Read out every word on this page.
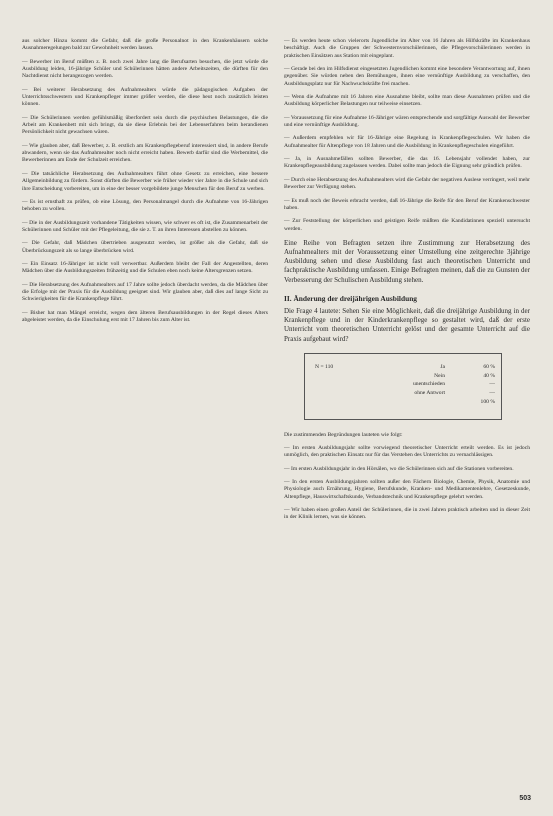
aus solcher Hinzu kommt die Gefahr, daß die große Personalnot in den Krankenhäusern solche Ausnahmeregelungen bald zur Gewohnheit werden lassen.

— Bewerber im Beruf müßten z. B. noch zwei Jahre lang die Berufsarten besuchen, die jetzt würde die Ausbildung leiden, 16-jährige Schüler und Schülerinnen hätten andere Arbeitszeiten, die dürften für den Nachtdienst nicht herangezogen werden.

— Bei weiterer Herabsetzung des Aufnahmealters würde die pädagogischen Aufgaben der Unterrichtsschwestern und Krankenpfleger immer größer werden, die diese heut noch zusätzlich leisten können.

— Die Schülerinnen werden gefühlsmäßig überfordert sein durch die psychischen Belastungen, die die Arbeit am Krankenbett mit sich bringt, da sie diese Erlebnis bei der Lebenserfahren beim herandienen Persönlichkeit nicht gewachsen wären.

— Wie glauben aber, daß Bewerber, z. B. erstlich am Krankenpflegeberuf interessiert sind, in andere Berufe abwandern, wenn sie das Aufnahmealter noch nicht erreicht haben. Bewerb darfür sind die Werbemittel, die Bewerberinnen am Ende der Schulzeit erreichen.

— Die tatsächliche Herabsetzung des Aufnahmealters führt ohne Gesetz zu erreichen, eine bessere Allgemeinbildung zu fördern. Sonst dürften die Bewerber wie früher wieder vier Jahre in die Schule und sich ihre Entscheidung vorbereiten, um in eine der besser vorgebildete junge Menschen für den Beruf zu werben.

— Es ist ernsthaft zu prüfen, ob eine Lösung, den Personalmangel durch die Aufnahme von 16-Jährigen behoben zu wollen.

— Die in der Ausbildungszeit vorhandene Tätigkeiten wissen, wie schwer es oft ist, die Zusammenarbeit der Schülerinnen und Schüler mit der Pflegeleitung, die sie z. T. an ihren Interessen abstellen zu können.

— Die Gefahr, daß Mädchen übertrieben ausgenutzt werden, ist größer als die Gefahr, daß sie Überbrückungszeit als so lange überbrücken wird.

— Ein Einsatz 16-Jähriger ist nicht voll verwertbar. Außerdem bleibt der Fall der Angestellten, deren Mädchen über die Ausbildungszeiten frühzeitig und die Schulen eben noch keine Altersgrenzen setzen.

— Die Herabsetzung des Aufnahmealters auf 17 Jahre sollte jedoch überdacht werden, da die Mädchen über die Erfolge mit der Praxis für die Ausbildung geeignet sind. Wir glauben aber, daß dies auf lange Sicht zu Schwierigkeiten für die Krankenpflege führt.

— Bisher hat man Mängel erreicht, wegen dem älteren Berufsausbildungen in der Regel dieses Alters abgeleistet werden, da die Einschulung erst mit 17 Jahren bis zum Alter ist.

— Es werden heute schon vielerorts Jugendliche im Alter von 16 Jahren als Hilfskräfte im Krankenhaus beschäftigt. Auch die Gruppen der Schwesternvorschülerinnen, die Pflegevorschülerinnen werden in praktischen Einsätzen aus Station mit eingeplant.

— Gerade bei den im Hilfsdienst eingesetzten Jugendlichen kommt eine besondere Verantwortung auf, ihnen gegenüber. Sie würden neben den Bemühungen, ihnen eine vernünftige Ausbildung zu verschaffen, den Ausbildungsplatz nur für Nachwuchskräfte frei machen.

— Wenn die Aufnahme mit 16 Jahren eine Ausnahme bleibt, sollte man diese Ausnahmen prüfen und die Ausbildung körperlicher Belastungen nur teilweise einsetzen.

— Voraussetzung für eine Aufnahme 16-Jähriger wären entsprechende und sorgfältige Auswahl der Bewerber und eine vernünftige Ausbildung.

— Außerdem empfehlen wir für 16-Jährige eine Regelung in Krankenpflegeschulen. Wir haben die Aufnahmealter für Altenpflege von 18 Jahren und die Ausbildung in Krankenpflegeschulen eingeführt.

— Ja, in Ausnahmefällen sollten Bewerber, die das 16. Lebensjahr vollendet haben, zur Krankenpflegeausbildung zugelassen werden. Dabei sollte man jedoch die Eignung sehr gründlich prüfen.

— Durch eine Herabsetzung des Aufnahmealters wird die Gefahr der negativen Auslese verringert, weil mehr Bewerber zur Verfügung stehen.

— Es muß noch der Beweis erbracht werden, daß 16-Jährige die Reife für den Beruf der Krankenschwester haben.

— Zur Feststellung der körperlichen und geistigen Reife müßten die Kandidatinnen speziell untersucht werden.

Eine Reihe von Befragten setzen ihre Zustimmung zur Herabsetzung des Aufnahmealters mit der Voraussetzung einer Umstellung eine zeitgerechte 3jährige Ausbildung sehen und diese Ausbildung fast auch theoretischen Unterricht und fachpraktische Ausbildung umfassen. Einige Befragten meinen, daß die zu Gunsten der Verbesserung der Schulischen Ausbildung stehen.

II. Änderung der dreijährigen Ausbildung

Die Frage 4 lautete: Sehen Sie eine Möglichkeit, daß die dreijährige Ausbildung in der Krankenpflege und in der Kinderkrankenpflege so gestaltet wird, daß der erste Unterricht vom theoretischen Unterricht gelöst und der gesamte Unterricht auf die Praxis aufgebaut wird?

N = 110	Ja	60 %
Nein	40 %
unentschieden	—
ohne Antwort	—
100 %

Die zustimmenden Begründungen lauteten wie folgt:

— Im ersten Ausbildungsjahr sollte vorwiegend theoretischer Unterricht erteilt werden. Es ist jedoch unmöglich, den praktischen Einsatz nur für das Verstehen des Unterrichts zu vernachlässigen.

— Im ersten Ausbildungsjahr in den Hörsälen, wo die Schülerinnen sich auf die Stationen vorbereiten.

— In den ersten Ausbildungsjahren sollten außer den Fächern Biologie, Chemie, Physik, Anatomie und Physiologie auch Ernährung, Hygiene, Berufskunde, Kranken- und Medikamentenlehre, Gesetzeskunde, Altenpflege, Hauswirtschaftskunde, Verbandstechnik und Krankenpflege gelehrt werden.

— Wir haben einen großen Anteil der Schülerinnen, die in zwei Jahren praktisch arbeiten und in dieser Zeit in der Klinik lernen, was sie können.

503
